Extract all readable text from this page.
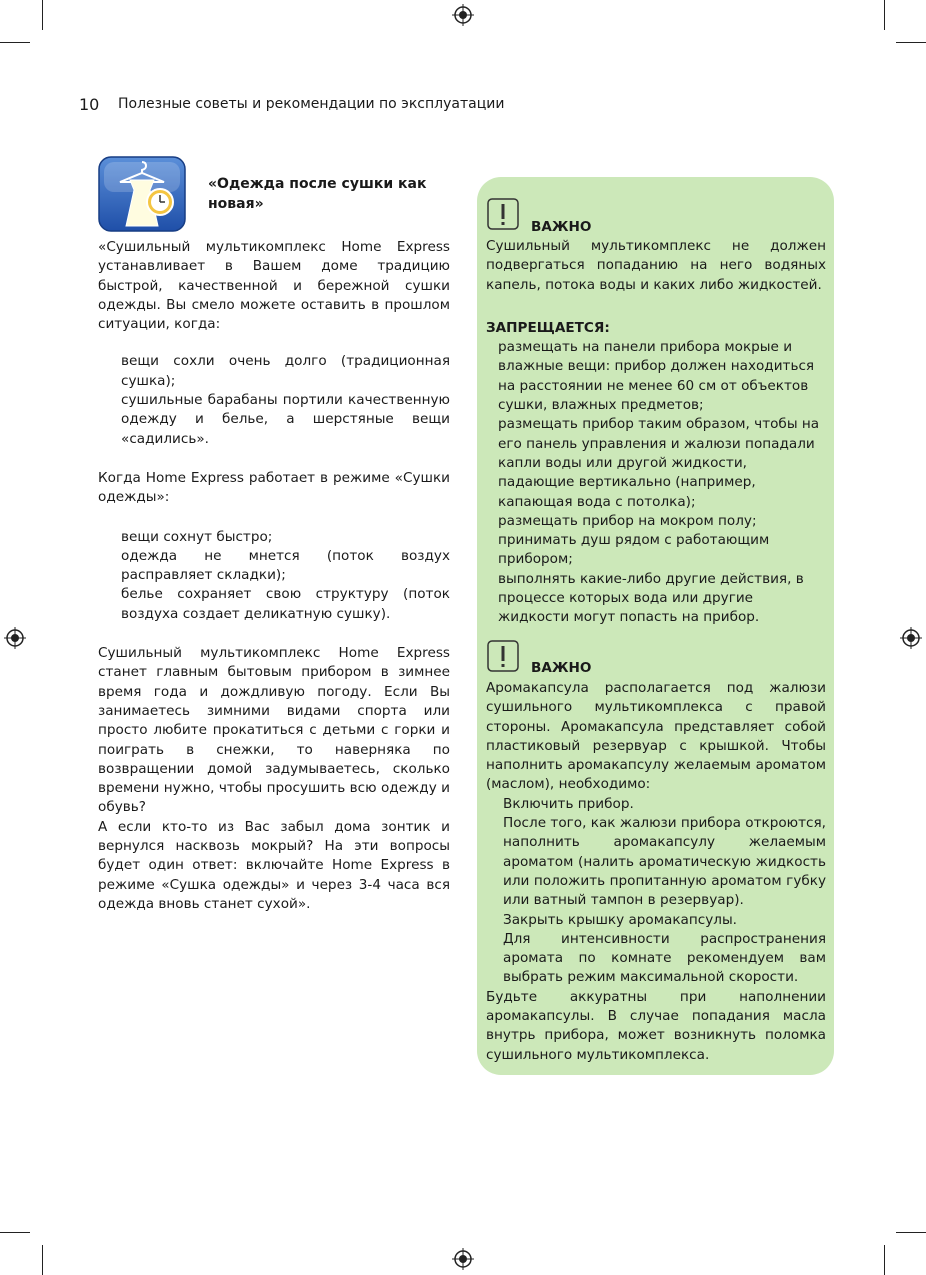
10 Полезные советы и рекомендации по эксплуатации
«Одежда после сушки как новая»

«Сушильный мультикомплекс Home Express устанавливает в Вашем доме традицию быстрой, качественной и бережной сушки одежды. Вы смело можете оставить в прошлом ситуации, когда:

вещи сохли очень долго (традиционная сушка);

сушильные барабаны портили качественную одежду и белье, а шерстяные вещи «садились».

Когда Home Express работает в режиме «Сушки одежды»:

вещи сохнут быстро;

одежда не мнется (поток воздух расправляет складки);

белье сохраняет свою структуру (поток воздуха создает деликатную сушку).

Сушильный мультикомплекс Home Express станет главным бытовым прибором в зимнее время года и дождливую погоду. Если Вы занимаетесь зимними видами спорта или просто любите прокатиться с детьми с горки и поиграть в снежки, то наверняка по возвращении домой задумываетесь, сколько времени нужно, чтобы просушить всю одежду и обувь?

А если кто-то из Вас забыл дома зонтик и вернулся насквозь мокрый? На эти вопросы будет один ответ: включайте Home Express в режиме «Сушка одежды» и через 3-4 часа вся одежда вновь станет сухой».

ВАЖНО

Сушильный мультикомплекс не должен подвергаться попаданию на него водяных капель, потока воды и каких либо жидкостей.

ЗАПРЕЩАЕТСЯ:

размещать на панели прибора мокрые и влажные вещи: прибор должен находиться на расстоянии не менее 60 см от объектов сушки, влажных предметов;

размещать прибор таким образом, чтобы на его панель управления и жалюзи попадали капли воды или другой жидкости, падающие вертикально (например, капающая вода с потолка);

размещать прибор на мокром полу;

принимать душ рядом с работающим прибором;

выполнять какие-либо другие действия, в процессе которых вода или другие жидкости могут попасть на прибор.

ВАЖНО

Аромакапсула располагается под жалюзи сушильного мультикомплекса с правой стороны. Аромакапсула представляет собой пластиковый резервуар с крышкой. Чтобы наполнить аромакапсулу желаемым ароматом (маслом), необходимо:

Включить прибор.

После того, как жалюзи прибора откроются, наполнить аромакапсулу желаемым ароматом (налить ароматическую жидкость или положить пропитанную ароматом губку или ватный тампон в резервуар).

Закрыть крышку аромакапсулы.

Для интенсивности распространения аромата по комнате рекомендуем вам выбрать режим максимальной скорости.

Будьте аккуратны при наполнении аромакапсулы. В случае попадания масла внутрь прибора, может возникнуть поломка сушильного мультикомплекса.
